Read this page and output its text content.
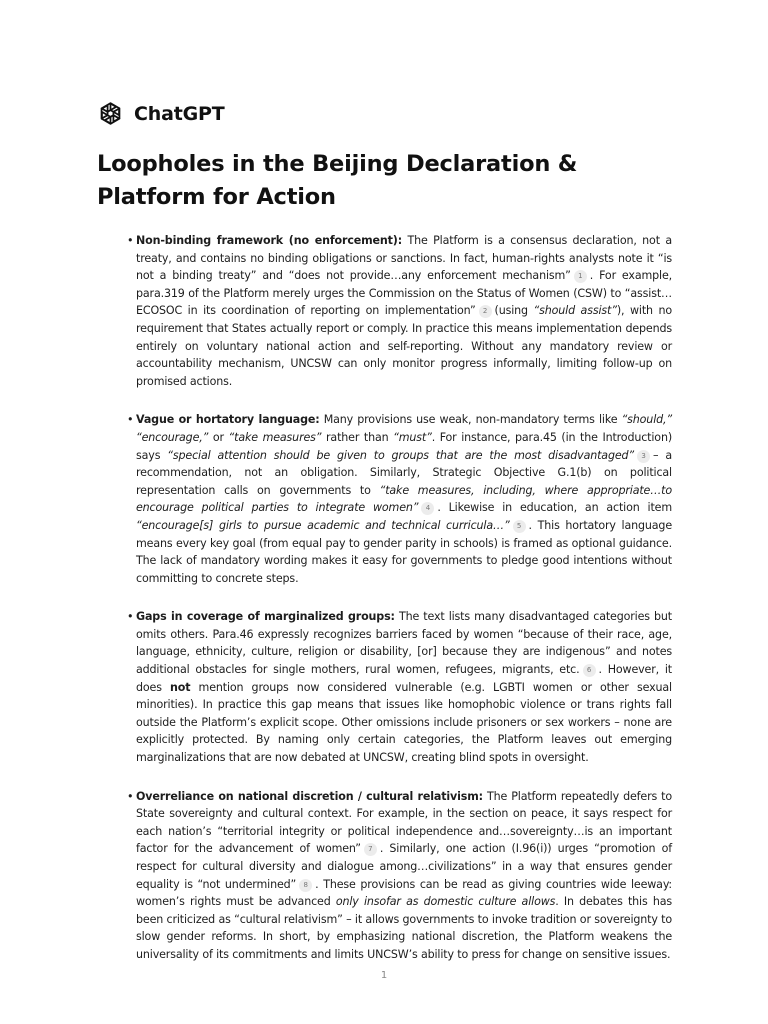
ChatGPT
Loopholes in the Beijing Declaration & Platform for Action
• Non-binding framework (no enforcement): The Platform is a consensus declaration, not a treaty, and contains no binding obligations or sanctions. In fact, human-rights analysts note it “is not a binding treaty” and “does not provide…any enforcement mechanism” 1 . For example, para.319 of the Platform merely urges the Commission on the Status of Women (CSW) to “assist…ECOSOC in its coordination of reporting on implementation” 2 (using “should assist”), with no requirement that States actually report or comply. In practice this means implementation depends entirely on voluntary national action and self-reporting. Without any mandatory review or accountability mechanism, UNCSW can only monitor progress informally, limiting follow-up on promised actions.
• Vague or hortatory language: Many provisions use weak, non-mandatory terms like “should,” “encourage,” or “take measures” rather than “must”. For instance, para.45 (in the Introduction) says “special attention should be given to groups that are the most disadvantaged” 3 – a recommendation, not an obligation. Similarly, Strategic Objective G.1(b) on political representation calls on governments to “take measures, including, where appropriate…to encourage political parties to integrate women” 4 . Likewise in education, an action item “encourage[s] girls to pursue academic and technical curricula…” 5 . This hortatory language means every key goal (from equal pay to gender parity in schools) is framed as optional guidance. The lack of mandatory wording makes it easy for governments to pledge good intentions without committing to concrete steps.
• Gaps in coverage of marginalized groups: The text lists many disadvantaged categories but omits others. Para.46 expressly recognizes barriers faced by women “because of their race, age, language, ethnicity, culture, religion or disability, [or] because they are indigenous” and notes additional obstacles for single mothers, rural women, refugees, migrants, etc. 6 . However, it does not mention groups now considered vulnerable (e.g. LGBTI women or other sexual minorities). In practice this gap means that issues like homophobic violence or trans rights fall outside the Platform’s explicit scope. Other omissions include prisoners or sex workers – none are explicitly protected. By naming only certain categories, the Platform leaves out emerging marginalizations that are now debated at UNCSW, creating blind spots in oversight.
• Overreliance on national discretion / cultural relativism: The Platform repeatedly defers to State sovereignty and cultural context. For example, in the section on peace, it says respect for each nation’s “territorial integrity or political independence and…sovereignty…is an important factor for the advancement of women” 7 . Similarly, one action (I.96(i)) urges “promotion of respect for cultural diversity and dialogue among…civilizations” in a way that ensures gender equality is “not undermined” 8 . These provisions can be read as giving countries wide leeway: women’s rights must be advanced only insofar as domestic culture allows. In debates this has been criticized as “cultural relativism” – it allows governments to invoke tradition or sovereignty to slow gender reforms. In short, by emphasizing national discretion, the Platform weakens the universality of its commitments and limits UNCSW’s ability to press for change on sensitive issues.
1
